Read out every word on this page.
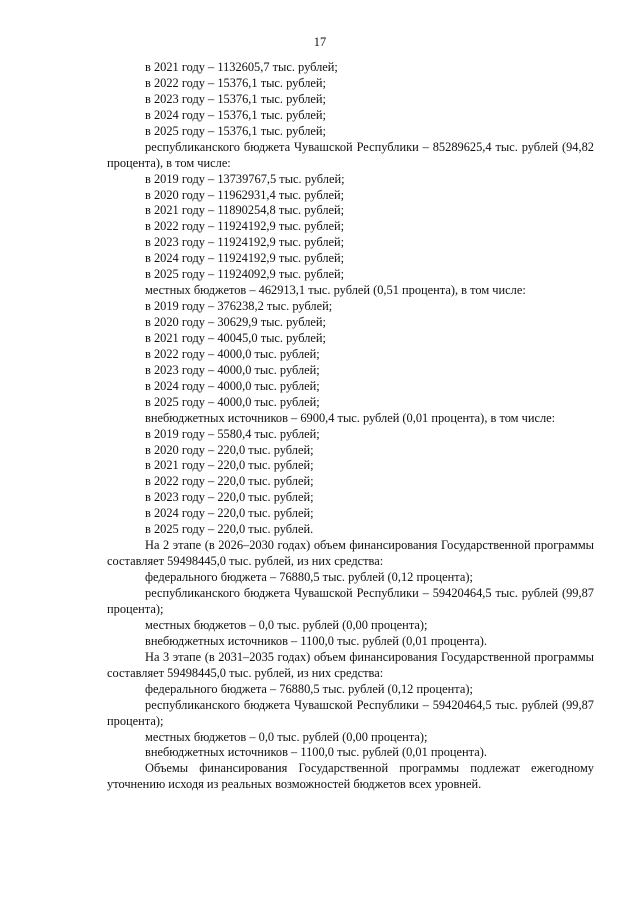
17
в 2021 году – 1132605,7 тыс. рублей;
в 2022 году – 15376,1 тыс. рублей;
в 2023 году – 15376,1 тыс. рублей;
в 2024 году – 15376,1 тыс. рублей;
в 2025 году – 15376,1 тыс. рублей;
республиканского бюджета Чувашской Республики – 85289625,4 тыс. рублей (94,82 процента), в том числе:
в 2019 году – 13739767,5 тыс. рублей;
в 2020 году – 11962931,4 тыс. рублей;
в 2021 году – 11890254,8 тыс. рублей;
в 2022 году – 11924192,9 тыс. рублей;
в 2023 году – 11924192,9 тыс. рублей;
в 2024 году – 11924192,9 тыс. рублей;
в 2025 году – 11924092,9 тыс. рублей;
местных бюджетов – 462913,1 тыс. рублей (0,51 процента), в том числе:
в 2019 году – 376238,2 тыс. рублей;
в 2020 году – 30629,9 тыс. рублей;
в 2021 году – 40045,0 тыс. рублей;
в 2022 году – 4000,0 тыс. рублей;
в 2023 году – 4000,0 тыс. рублей;
в 2024 году – 4000,0 тыс. рублей;
в 2025 году – 4000,0 тыс. рублей;
внебюджетных источников – 6900,4 тыс. рублей (0,01 процента), в том числе:
в 2019 году – 5580,4 тыс. рублей;
в 2020 году – 220,0 тыс. рублей;
в 2021 году – 220,0 тыс. рублей;
в 2022 году – 220,0 тыс. рублей;
в 2023 году – 220,0 тыс. рублей;
в 2024 году – 220,0 тыс. рублей;
в 2025 году – 220,0 тыс. рублей.
На 2 этапе (в 2026–2030 годах) объем финансирования Государственной программы составляет 59498445,0 тыс. рублей, из них средства:
федерального бюджета – 76880,5 тыс. рублей (0,12 процента);
республиканского бюджета Чувашской Республики – 59420464,5 тыс. рублей (99,87 процента);
местных бюджетов – 0,0 тыс. рублей (0,00 процента);
внебюджетных источников – 1100,0 тыс. рублей (0,01 процента).
На 3 этапе (в 2031–2035 годах) объем финансирования Государственной программы составляет 59498445,0 тыс. рублей, из них средства:
федерального бюджета – 76880,5 тыс. рублей (0,12 процента);
республиканского бюджета Чувашской Республики – 59420464,5 тыс. рублей (99,87 процента);
местных бюджетов – 0,0 тыс. рублей (0,00 процента);
внебюджетных источников – 1100,0 тыс. рублей (0,01 процента).
Объемы финансирования Государственной программы подлежат ежегодному уточнению исходя из реальных возможностей бюджетов всех уровней.
